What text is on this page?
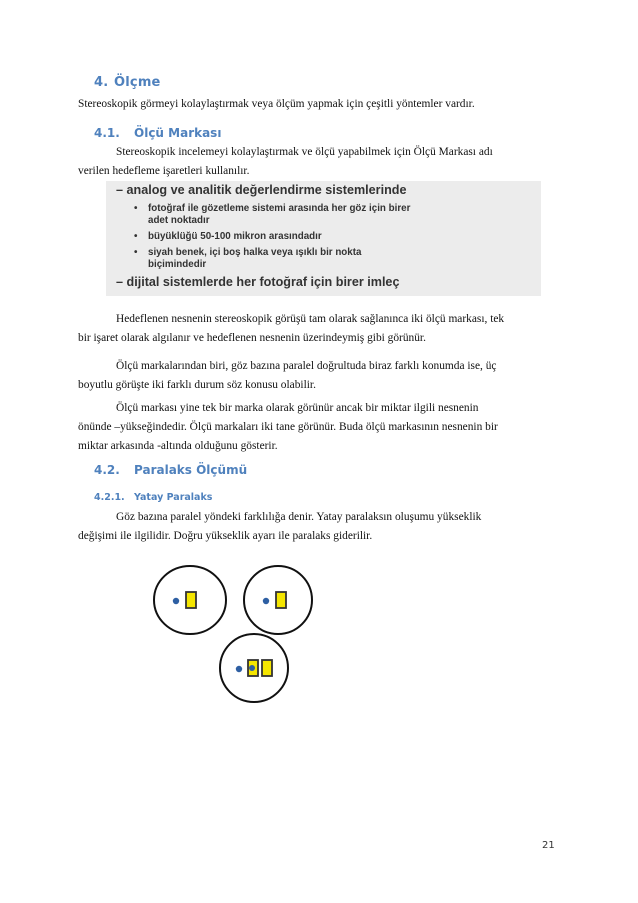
4. Ölçme
Stereoskopik görmeyi kolaylaştırmak veya ölçüm yapmak için çeşitli yöntemler vardır.
4.1. Ölçü Markası
Stereoskopik incelemeyi kolaylaştırmak ve ölçü yapabilmek için Ölçü Markası adı
verilen hedefleme işaretleri kullanılır.
– analog ve analitik değerlendirme sistemlerinde
• fotoğraf ile gözetleme sistemi arasında her göz için birer
adet noktadır
• büyüklüğü 50-100 mikron arasındadır
• siyah benek, içi boş halka veya ışıklı bir nokta
biçimindedir
– dijital sistemlerde her fotoğraf için birer imleç
Hedeflenen nesnenin stereoskopik görüşü tam olarak sağlanınca iki ölçü markası, tek
bir işaret olarak algılanır ve hedeflenen nesnenin üzerindeymiş gibi görünür.
Ölçü markalarından biri, göz bazına paralel doğrultuda biraz farklı konumda ise, üç
boyutlu görüşte iki farklı durum söz konusu olabilir.
Ölçü markası yine tek bir marka olarak görünür ancak bir miktar ilgili nesnenin
önünde –yükseğindedir. Ölçü markaları iki tane görünür. Buda ölçü markasının nesnenin bir
miktar arkasında -altında olduğunu gösterir.
4.2. Paralaks Ölçümü
4.2.1. Yatay Paralaks
Göz bazına paralel yöndeki farklılığa denir. Yatay paralaksın oluşumu yükseklik
değişimi ile ilgilidir. Doğru yükseklik ayarı ile paralaks giderilir.
21
